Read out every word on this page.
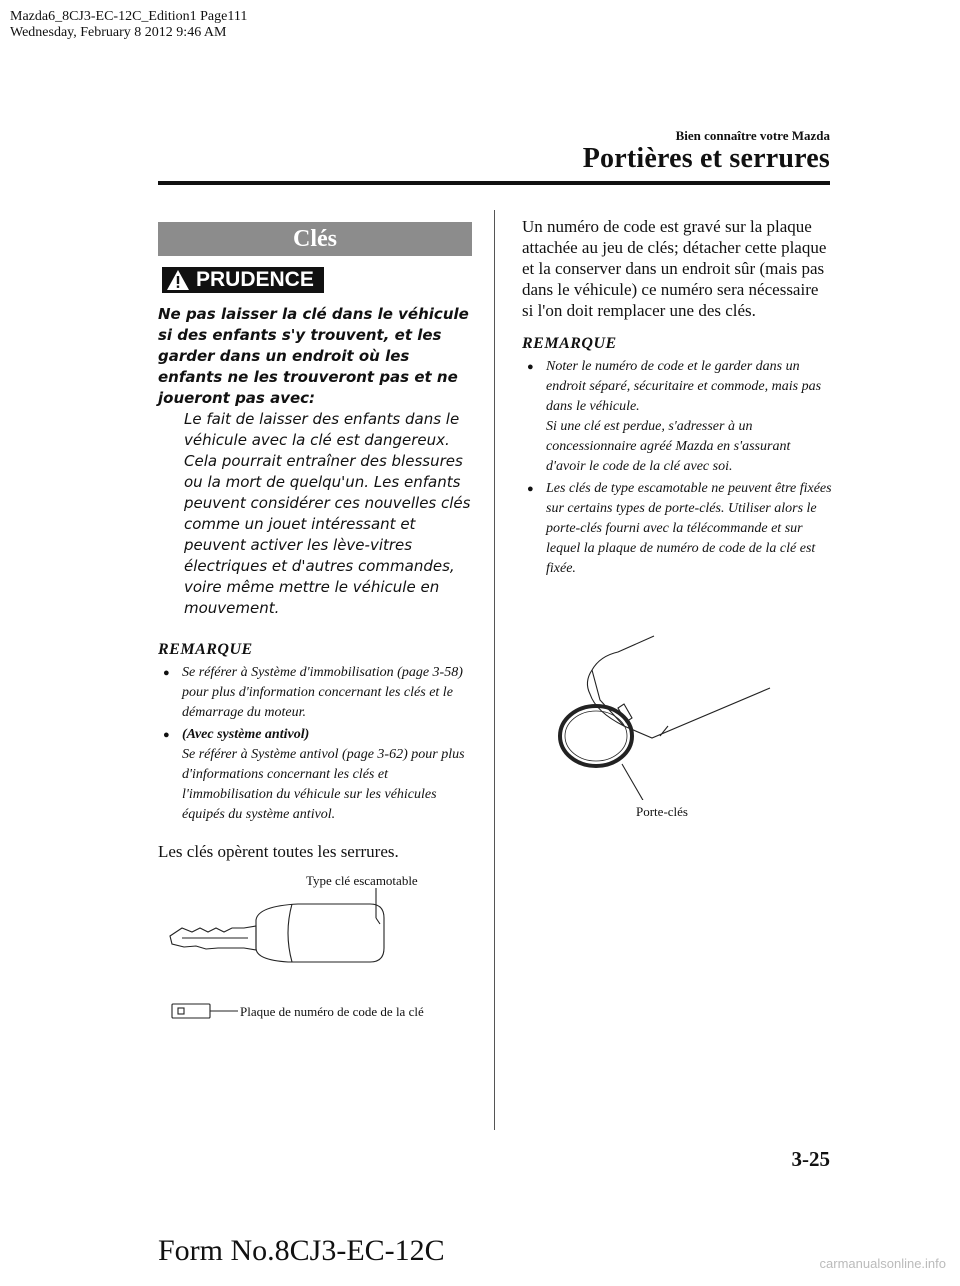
Mazda6_8CJ3-EC-12C_Edition1 Page111
Wednesday, February 8 2012 9:46 AM
Bien connaître votre Mazda
Portières et serrures
Clés
PRUDENCE
Ne pas laisser la clé dans le véhicule si des enfants s'y trouvent, et les garder dans un endroit où les enfants ne les trouveront pas et ne joueront pas avec:
Le fait de laisser des enfants dans le véhicule avec la clé est dangereux. Cela pourrait entraîner des blessures ou la mort de quelqu'un. Les enfants peuvent considérer ces nouvelles clés comme un jouet intéressant et peuvent activer les lève-vitres électriques et d'autres commandes, voire même mettre le véhicule en mouvement.
REMARQUE
● Se référer à Système d'immobilisation (page 3-58) pour plus d'information concernant les clés et le démarrage du moteur.
● (Avec système antivol)
Se référer à Système antivol (page 3-62) pour plus d'informations concernant les clés et l'immobilisation du véhicule sur les véhicules équipés du système antivol.
Les clés opèrent toutes les serrures.
Type clé escamotable
Plaque de numéro de code de la clé
Un numéro de code est gravé sur la plaque attachée au jeu de clés; détacher cette plaque et la conserver dans un endroit sûr (mais pas dans le véhicule) ce numéro sera nécessaire si l'on doit remplacer une des clés.
REMARQUE
● Noter le numéro de code et le garder dans un endroit séparé, sécuritaire et commode, mais pas dans le véhicule.
Si une clé est perdue, s'adresser à un concessionnaire agréé Mazda en s'assurant d'avoir le code de la clé avec soi.
● Les clés de type escamotable ne peuvent être fixées sur certains types de porte-clés. Utiliser alors le porte-clés fourni avec la télécommande et sur lequel la plaque de numéro de code de la clé est fixée.
Porte-clés
3-25
Form No.8CJ3-EC-12C	carmanualsonline.info
